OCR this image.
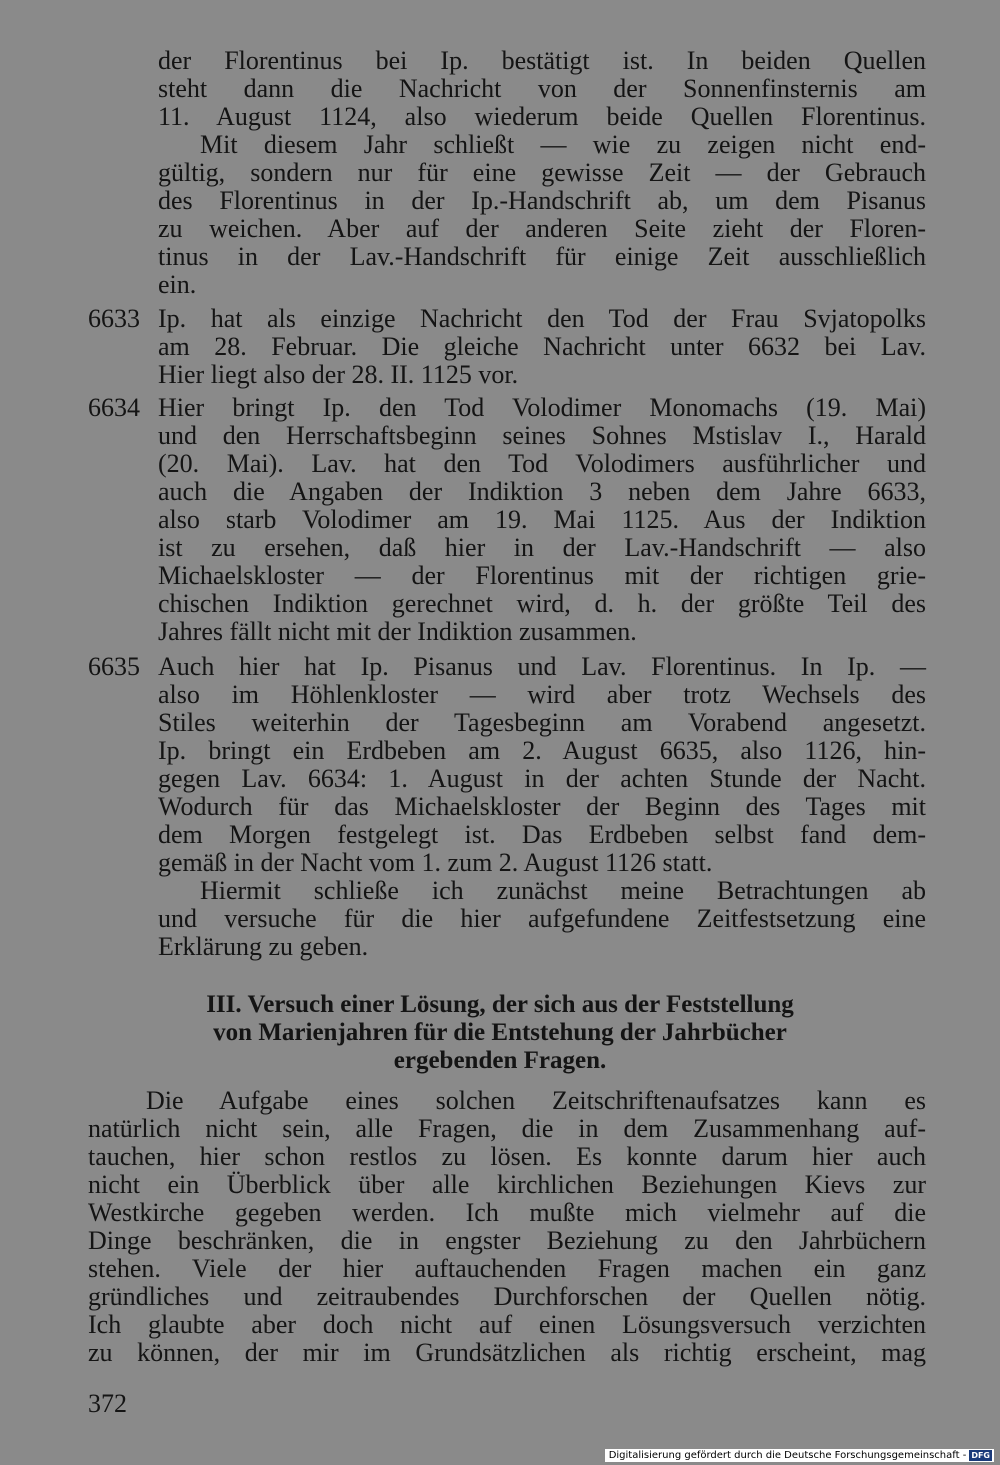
der Florentinus bei Ip. bestätigt ist. In beiden Quellen
steht dann die Nachricht von der Sonnenfinsternis am
11. August 1124, also wiederum beide Quellen Florentinus.
Mit diesem Jahr schließt — wie zu zeigen nicht end-
gültig, sondern nur für eine gewisse Zeit — der Gebrauch
des Florentinus in der Ip.-Handschrift ab, um dem Pisanus
zu weichen. Aber auf der anderen Seite zieht der Floren-
tinus in der Lav.-Handschrift für einige Zeit ausschließlich
ein.
6633 Ip. hat als einzige Nachricht den Tod der Frau Svjatopolks
am 28. Februar. Die gleiche Nachricht unter 6632 bei Lav.
Hier liegt also der 28. II. 1125 vor.
6634 Hier bringt Ip. den Tod Volodimer Monomachs (19. Mai)
und den Herrschaftsbeginn seines Sohnes Mstislav I., Harald
(20. Mai). Lav. hat den Tod Volodimers ausführlicher und
auch die Angaben der Indiktion 3 neben dem Jahre 6633,
also starb Volodimer am 19. Mai 1125. Aus der Indiktion
ist zu ersehen, daß hier in der Lav.-Handschrift — also
Michaelskloster — der Florentinus mit der richtigen grie-
chischen Indiktion gerechnet wird, d. h. der größte Teil des
Jahres fällt nicht mit der Indiktion zusammen.
6635 Auch hier hat Ip. Pisanus und Lav. Florentinus. In Ip. —
also im Höhlenkloster — wird aber trotz Wechsels des
Stiles weiterhin der Tagesbeginn am Vorabend angesetzt.
Ip. bringt ein Erdbeben am 2. August 6635, also 1126, hin-
gegen Lav. 6634: 1. August in der achten Stunde der Nacht.
Wodurch für das Michaelskloster der Beginn des Tages mit
dem Morgen festgelegt ist. Das Erdbeben selbst fand dem-
gemäß in der Nacht vom 1. zum 2. August 1126 statt.
Hiermit schließe ich zunächst meine Betrachtungen ab
und versuche für die hier aufgefundene Zeitfestsetzung eine
Erklärung zu geben.
III. Versuch einer Lösung, der sich aus der Feststellung
von Marienjahren für die Entstehung der Jahrbücher
ergebenden Fragen.
Die Aufgabe eines solchen Zeitschriftenaufsatzes kann es
natürlich nicht sein, alle Fragen, die in dem Zusammenhang auf-
tauchen, hier schon restlos zu lösen. Es konnte darum hier auch
nicht ein Überblick über alle kirchlichen Beziehungen Kievs zur
Westkirche gegeben werden. Ich mußte mich vielmehr auf die
Dinge beschränken, die in engster Beziehung zu den Jahrbüchern
stehen. Viele der hier auftauchenden Fragen machen ein ganz
gründliches und zeitraubendes Durchforschen der Quellen nötig.
Ich glaubte aber doch nicht auf einen Lösungsversuch verzichten
zu können, der mir im Grundsätzlichen als richtig erscheint, mag
372
Digitalisierung gefördert durch die Deutsche Forschungsgemeinschaft - DFG
